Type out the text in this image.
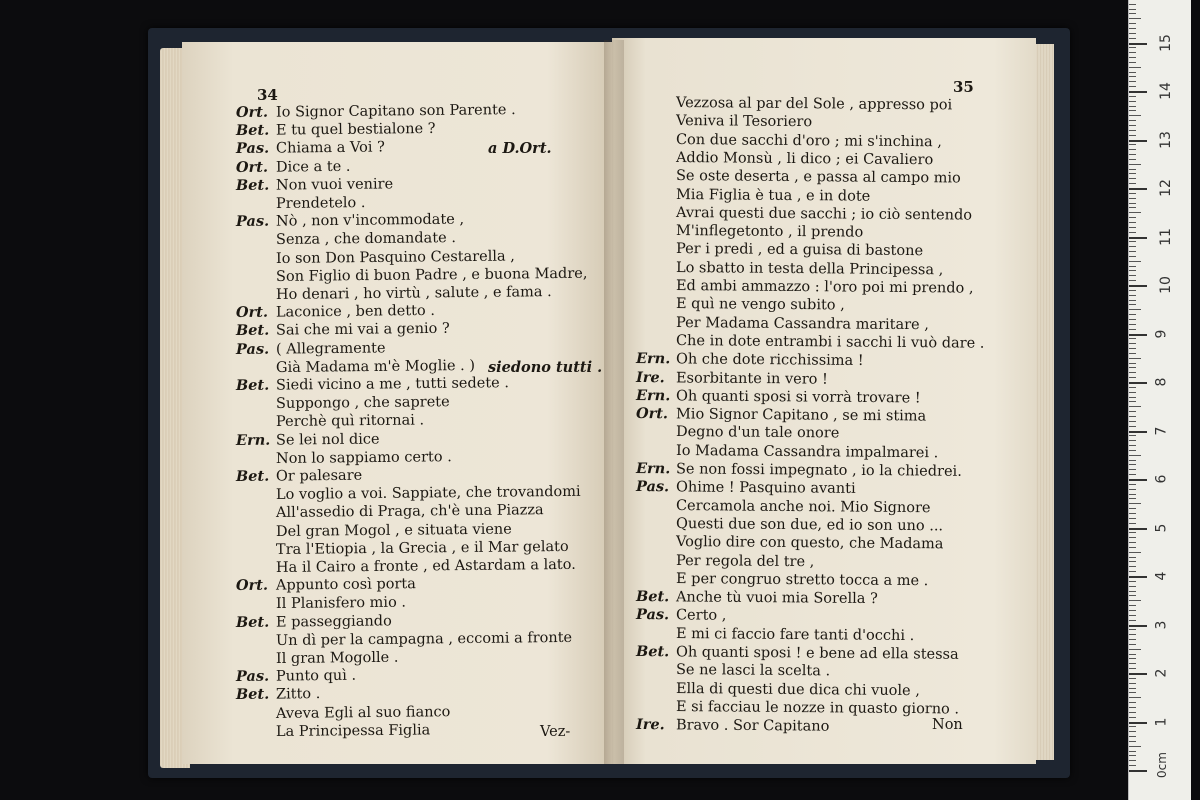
34	35
Ort. Io Signor Capitano son Parente .
Bet. E tu quel bestialone ?
Pas. Chiama a Voi ?	a D.Ort.
Ort. Dice a te .
Bet. Non vuoi venire
Prendetelo .
Pas. Nò , non v'incommodate ,
Senza , che domandate .
Io son Don Pasquino Cestarella ,
Son Figlio di buon Padre , e buona Madre,
Ho denari , ho virtù , salute , e fama .
Ort. Laconice , ben detto .
Bet. Sai che mi vai a genio ?
Pas. ( Allegramente
Già Madama m'è Moglie . ) siedono tutti .
Bet. Siedi vicino a me , tutti sedete .
Suppongo , che saprete
Perchè quì ritornai .
Ern. Se lei nol dice
Non lo sappiamo certo .
Bet. Or palesare
Lo voglio a voi. Sappiate, che trovandomi
All'assedio di Praga, ch'è una Piazza
Del gran Mogol , e situata viene
Tra l'Etiopia , la Grecia , e il Mar gelato
Ha il Cairo a fronte , ed Astardam a lato.
Ort. Appunto così porta
Il Planisfero mio .
Bet. E passeggiando
Un dì per la campagna , eccomi a fronte
Il gran Mogolle .
Pas. Punto quì .
Bet. Zitto .
Aveva Egli al suo fianco
La Principessa Figlia	Vez-
Vezzosa al par del Sole , appresso poi
Veniva il Tesoriero
Con due sacchi d'oro ; mi s'inchina ,
Addio Monsù , li dico ; ei Cavaliero
Se oste deserta , e passa al campo mio
Mia Figlia è tua , e in dote
Avrai questi due sacchi ; io ciò sentendo
M'inflegetonto , il prendo
Per i predi , ed a guisa di bastone
Lo sbatto in testa della Principessa ,
Ed ambi ammazzo : l'oro poi mi prendo ,
E quì ne vengo subito ,
Per Madama Cassandra maritare ,
Che in dote entrambi i sacchi li vuò dare .
Ern. Oh che dote ricchissima !
Ire. Esorbitante in vero !
Ern. Oh quanti sposi si vorrà trovare !
Ort. Mio Signor Capitano , se mi stima
Degno d'un tale onore
Io Madama Cassandra impalmarei .
Ern. Se non fossi impegnato , io la chiedrei.
Pas. Ohime ! Pasquino avanti
Cercamola anche noi. Mio Signore
Questi due son due, ed io son uno ...
Voglio dire con questo, che Madama
Per regola del tre ,
E per congruo stretto tocca a me .
Bet. Anche tù vuoi mia Sorella ?
Pas. Certo ,
E mi ci faccio fare tanti d'occhi .
Bet. Oh quanti sposi ! e bene ad ella stessa
Se ne lasci la scelta .
Ella di questi due dica chi vuole ,
E si facciau le nozze in quasto giorno .
Ire. Bravo . Sor Capitano	Non	1
2
3
4
5
6
7
8
9
10
11
12
13
14
15
0cm
